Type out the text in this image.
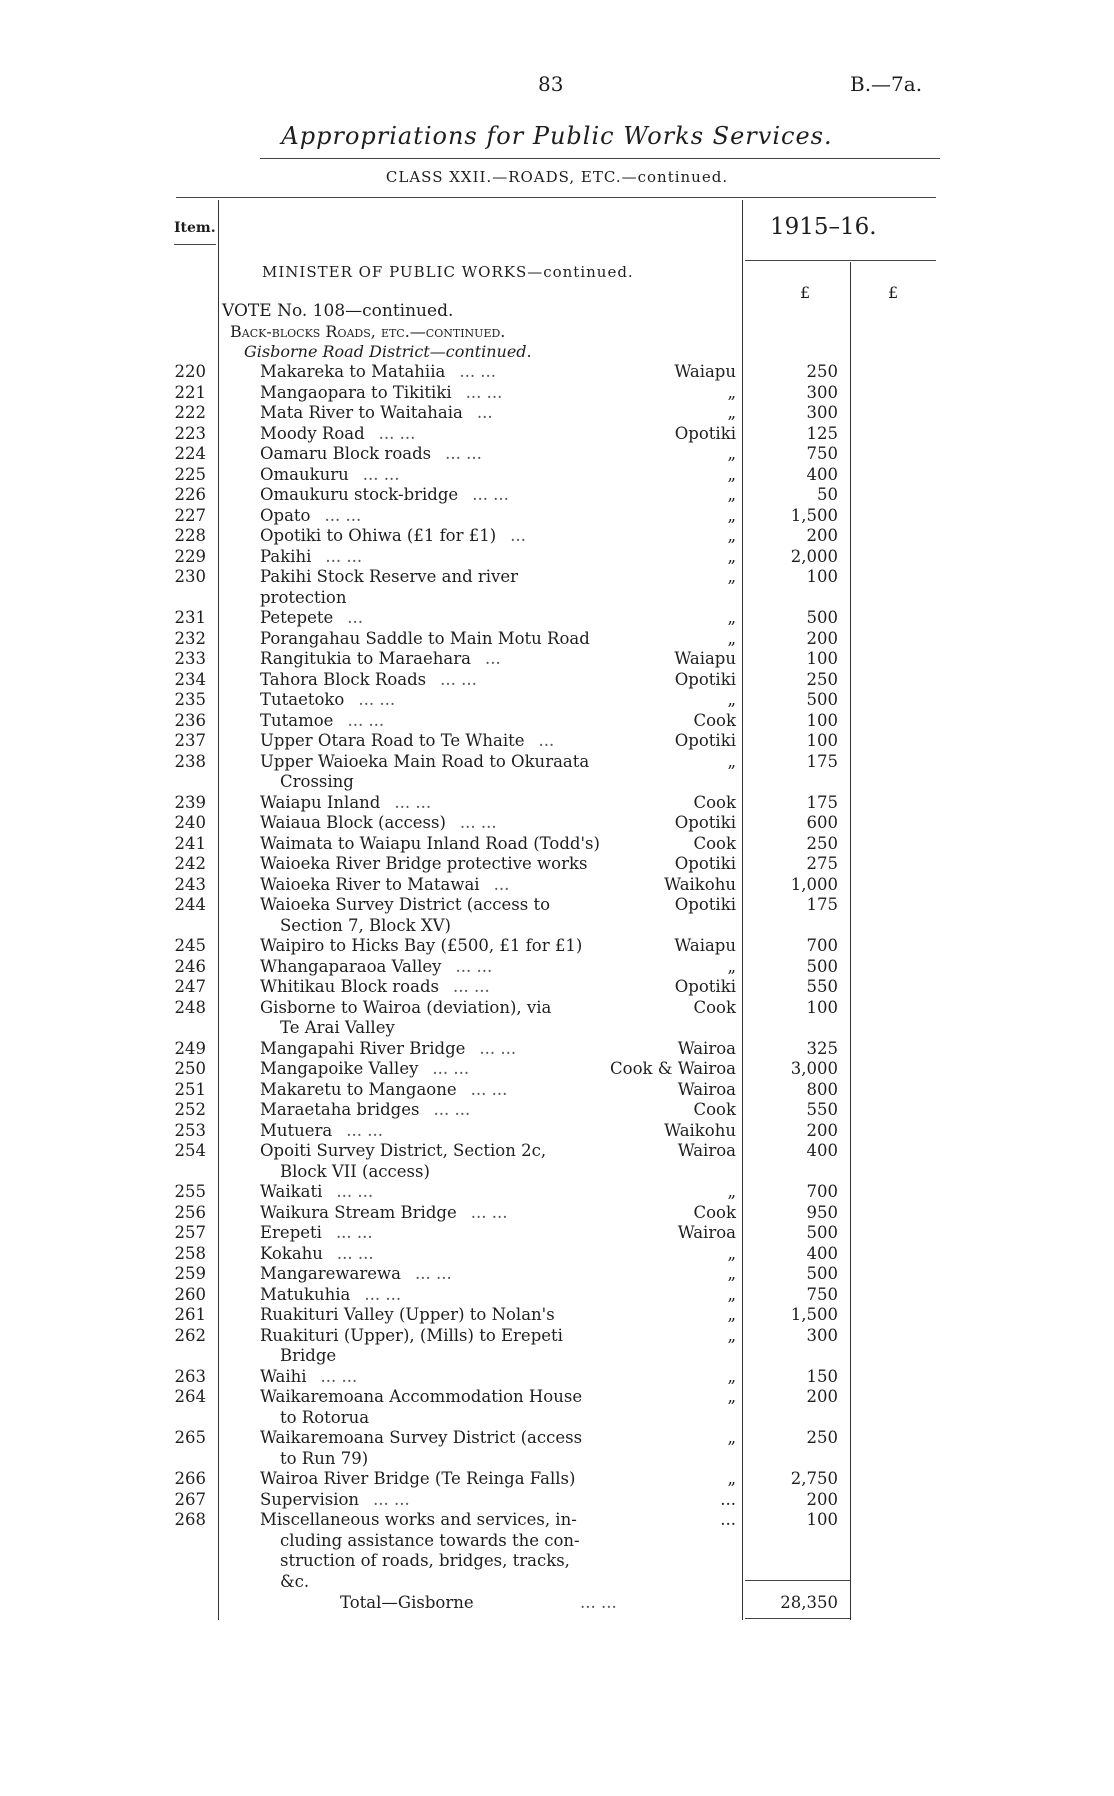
83	B.—7a.
Appropriations for Public Works Services.
CLASS XXII.—ROADS, ETC.—continued.
Item.	1915–16.
MINISTER OF PUBLIC WORKS—continued.
£	£
VOTE No. 108—continued.
Back-blocks Roads, etc.—continued.
Gisborne Road District—continued.
220	Makareka to Matahiia ... ...	Waiapu	250
221	Mangaopara to Tikitiki ... ...	„	300
222	Mata River to Waitahaia ...	„	300
223	Moody Road ... ...	Opotiki	125
224	Oamaru Block roads ... ...	„	750
225	Omaukuru ... ...	„	400
226	Omaukuru stock-bridge ... ...	„	50
227	Opato ... ...	„	1,500
228	Opotiki to Ohiwa (£1 for £1) ...	„	200
229	Pakihi ... ...	„	2,000
230	Pakihi Stock Reserve and river protection
„	100
231	Petepete ...	„	500
232	Porangahau Saddle to Main Motu Road	„	200
233	Rangitukia to Maraehara ...	Waiapu	100
234	Tahora Block Roads ... ...	Opotiki	250
235	Tutaetoko ... ...	„	500
236	Tutamoe ... ...	Cook	100
237	Upper Otara Road to Te Whaite ...	Opotiki	100
238	Upper Waioeka Main Road to Okuraata
Crossing
„	175
239	Waiapu Inland ... ...	Cook	175
240	Waiaua Block (access) ... ...	Opotiki	600
241	Waimata to Waiapu Inland Road (Todd's)	Cook	250
242	Waioeka River Bridge protective works	Opotiki	275
243	Waioeka River to Matawai ...	Waikohu	1,000
244	Waioeka Survey District (access to
Section 7, Block XV)
Opotiki	175
245	Waipiro to Hicks Bay (£500, £1 for £1)	Waiapu	700
246	Whangaparaoa Valley ... ...	„	500
247	Whitikau Block roads ... ...	Opotiki	550
248	Gisborne to Wairoa (deviation), via
Te Arai Valley
Cook	100
249	Mangapahi River Bridge ... ...	Wairoa	325
250	Mangapoike Valley ... ...	Cook & Wairoa	3,000
251	Makaretu to Mangaone ... ...	Wairoa	800
252	Maraetaha bridges ... ...	Cook	550
253	Mutuera ... ...	Waikohu	200
254	Opoiti Survey District, Section 2c,
Block VII (access)
Wairoa	400
255	Waikati ... ...	„	700
256	Waikura Stream Bridge ... ...	Cook	950
257	Erepeti ... ...	Wairoa	500
258	Kokahu ... ...	„	400
259	Mangarewarewa ... ...	„	500
260	Matukuhia ... ...	„	750
261	Ruakituri Valley (Upper) to Nolan's	„	1,500
262	Ruakituri (Upper), (Mills) to Erepeti
Bridge
„	300
263	Waihi ... ...	„	150
264	Waikaremoana Accommodation House
to Rotorua
„	200
265	Waikaremoana Survey District (access
to Run 79)
„	250
266	Wairoa River Bridge (Te Reinga Falls)	„	2,750
267	Supervision ... ...	...	200
268	Miscellaneous works and services, in-
cluding assistance towards the con-
struction of roads, bridges, tracks,
&c.
...	100
Total—Gisborne	... ...	28,350
